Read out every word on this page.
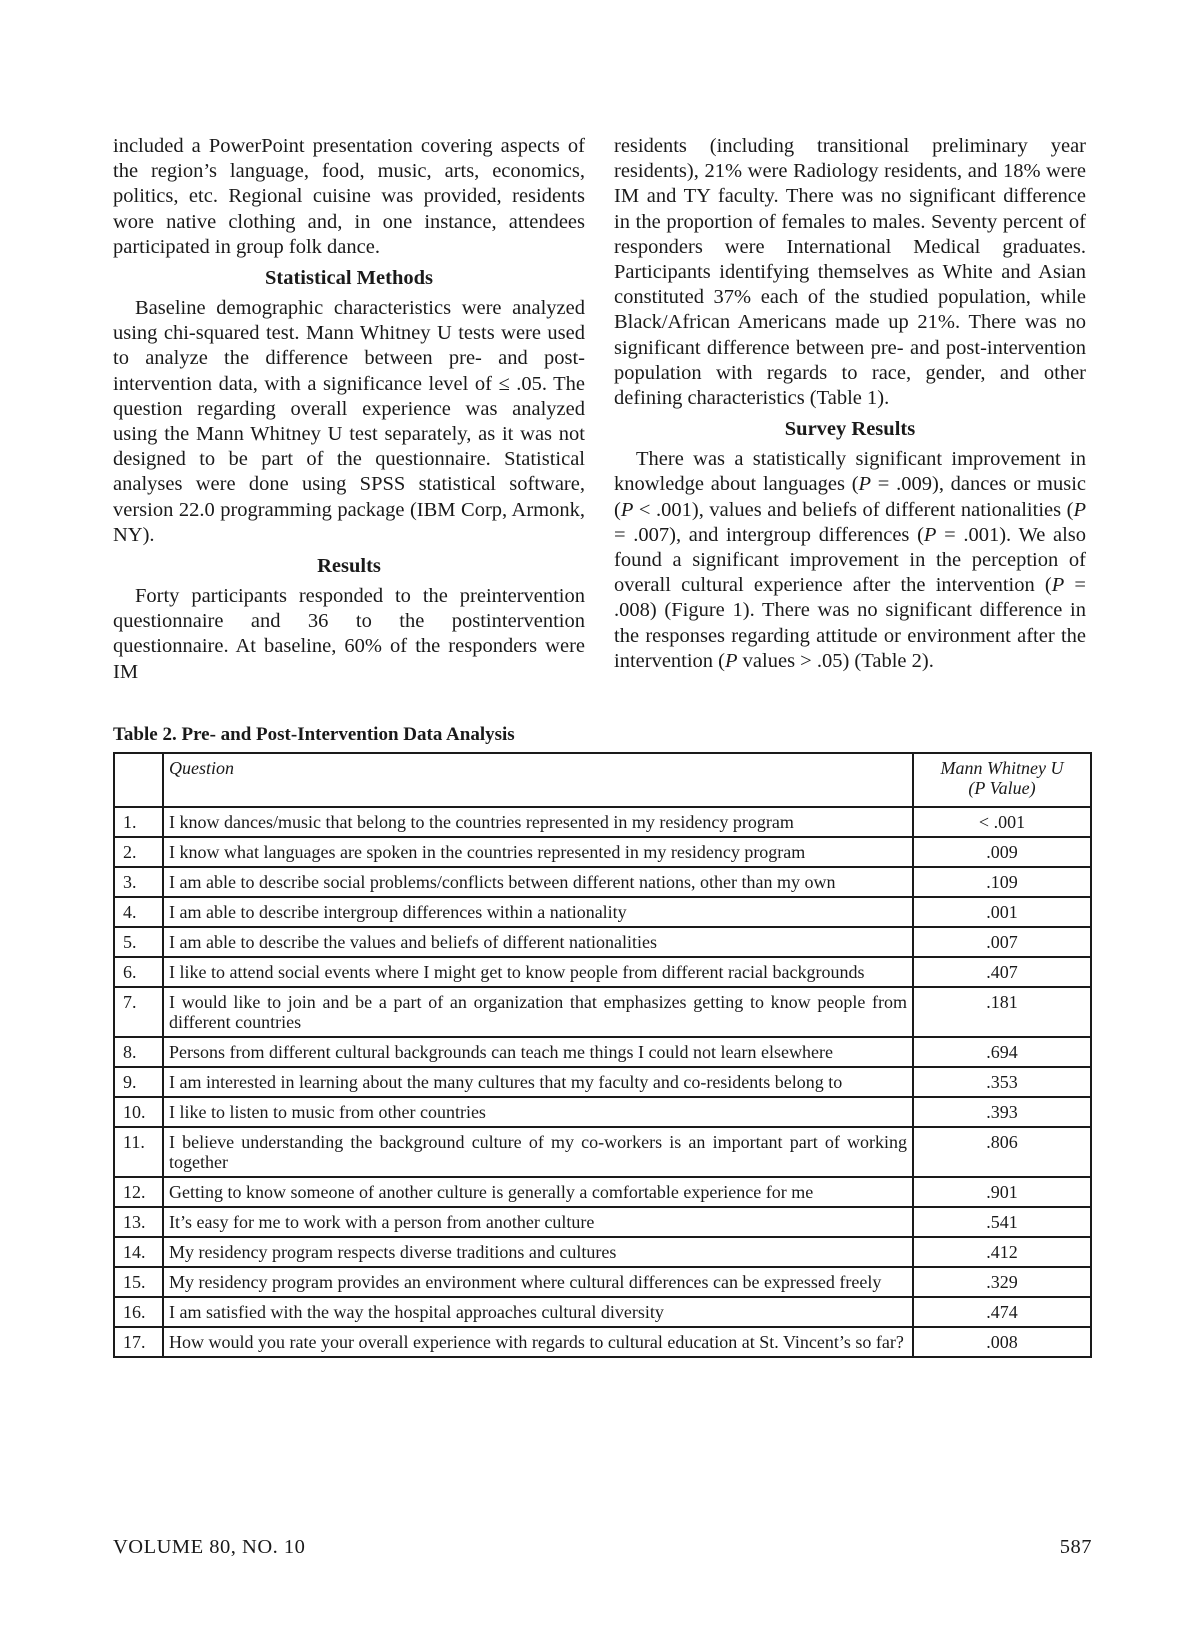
included a PowerPoint presentation covering aspects of the region’s language, food, music, arts, economics, politics, etc. Regional cuisine was provided, residents wore native clothing and, in one instance, attendees participated in group folk dance.

Statistical Methods

Baseline demographic characteristics were analyzed using chi-squared test. Mann Whitney U tests were used to analyze the difference between pre- and post-intervention data, with a significance level of ≤ .05. The question regarding overall experience was analyzed using the Mann Whitney U test separately, as it was not designed to be part of the questionnaire. Statistical analyses were done using SPSS statistical software, version 22.0 programming package (IBM Corp, Armonk, NY).

Results

Forty participants responded to the preintervention questionnaire and 36 to the postintervention questionnaire. At baseline, 60% of the responders were IM

residents (including transitional preliminary year residents), 21% were Radiology residents, and 18% were IM and TY faculty. There was no significant difference in the proportion of females to males. Seventy percent of responders were International Medical graduates. Participants identifying themselves as White and Asian constituted 37% each of the studied population, while Black/African Americans made up 21%. There was no significant difference between pre- and post-intervention population with regards to race, gender, and other defining characteristics (Table 1).

Survey Results

There was a statistically significant improvement in knowledge about languages (P = .009), dances or music (P < .001), values and beliefs of different nationalities (P = .007), and intergroup differences (P = .001). We also found a significant improvement in the perception of overall cultural experience after the intervention (P = .008) (Figure 1). There was no significant difference in the responses regarding attitude or environment after the intervention (P values > .05) (Table 2).

Table 2. Pre- and Post-Intervention Data Analysis
	Question	Mann Whitney U
(P Value)

1.	I know dances/music that belong to the countries represented in my residency program	< .001
2.	I know what languages are spoken in the countries represented in my residency program	.009
3.	I am able to describe social problems/conflicts between different nations, other than my own	.109
4.	I am able to describe intergroup differences within a nationality	.001
5.	I am able to describe the values and beliefs of different nationalities	.007
6.	I like to attend social events where I might get to know people from different racial backgrounds	.407
7.	I would like to join and be a part of an organization that emphasizes getting to know people from different countries	.181
8.	Persons from different cultural backgrounds can teach me things I could not learn elsewhere	.694
9.	I am interested in learning about the many cultures that my faculty and co-residents belong to	.353
10.	I like to listen to music from other countries	.393
11.	I believe understanding the background culture of my co-workers is an important part of working together	.806
12.	Getting to know someone of another culture is generally a comfortable experience for me	.901
13.	It’s easy for me to work with a person from another culture	.541
14.	My residency program respects diverse traditions and cultures	.412
15.	My residency program provides an environment where cultural differences can be expressed freely	.329
16.	I am satisfied with the way the hospital approaches cultural diversity	.474
17.	How would you rate your overall experience with regards to cultural education at St. Vincent’s so far?	.008
VOLUME 80, NO. 10	587
